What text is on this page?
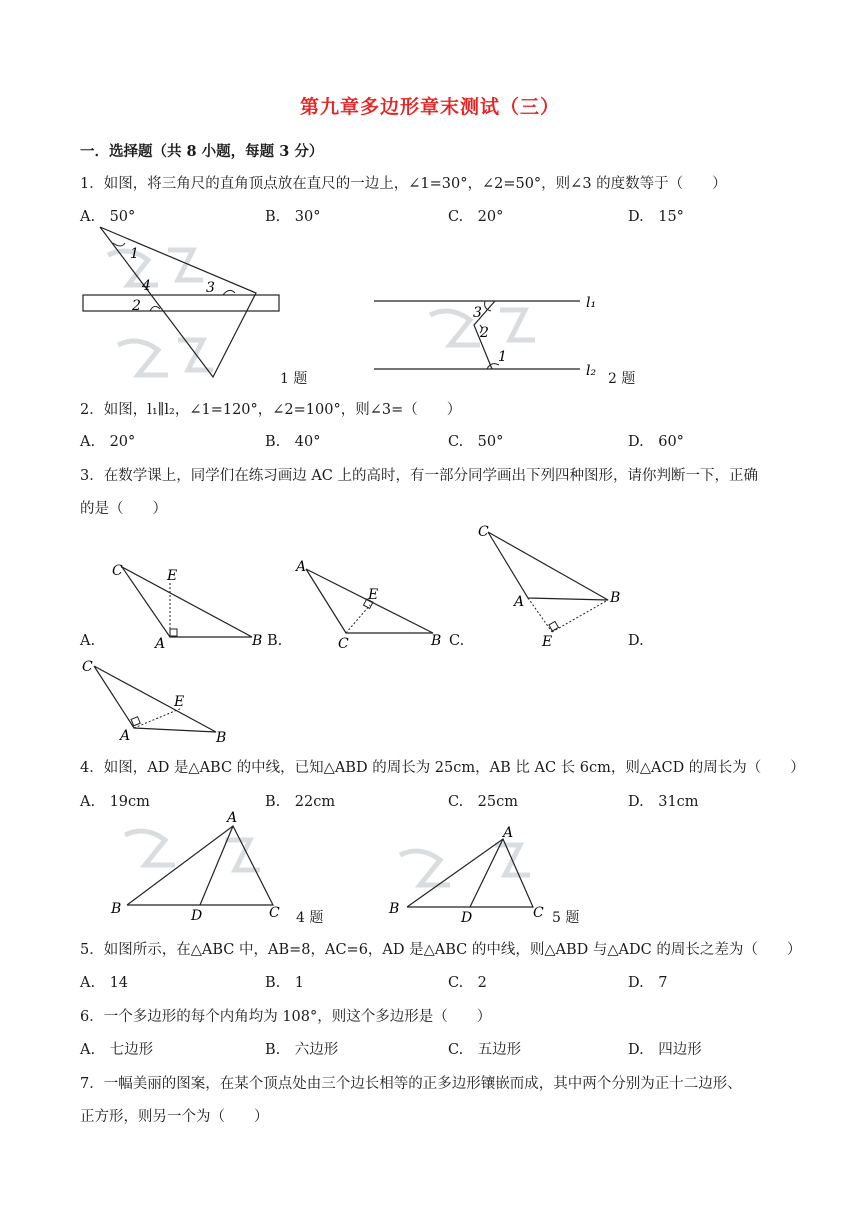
第九章多边形章末测试（三）
一．选择题（共 8 小题，每题 3 分）
1．如图，将三角尺的直角顶点放在直尺的一边上，∠1=30°，∠2=50°，则∠3 的度数等于（　　）
A.　50°	B.　30°	C.　20°	D.　15°
1
2
3
4
1 题
3
2
1
l₁
l₂ 2 题
2．如图，l₁∥l₂，∠1=120°，∠2=100°，则∠3=（　　）
A.　20°	B.　40°	C.　50°	D.　60°
3．在数学课上，同学们在练习画边 AC 上的高时，有一部分同学画出下列四种图形，请你判断一下，正确
的是（　　）
C	E
A	B
A.
A
E
C	B
B.
C
A	B
E
C.	D.
C
E
A	B
4．如图，AD 是△ABC 的中线，已知△ABD 的周长为 25cm，AB 比 AC 长 6cm，则△ACD 的周长为（　　）
A.　19cm	B.　22cm	C.　25cm	D.　31cm
A
B	D	C 4 题
A
B
D	C 5 题
5．如图所示，在△ABC 中，AB=8，AC=6，AD 是△ABC 的中线，则△ABD 与△ADC 的周长之差为（　　）
A.　14	B.　1	C.　2	D.　7
6．一个多边形的每个内角均为 108°，则这个多边形是（　　）
A.　七边形	B.　六边形	C.　五边形	D.　四边形
7．一幅美丽的图案，在某个顶点处由三个边长相等的正多边形镶嵌而成，其中两个分别为正十二边形、
正方形，则另一个为（　　）
